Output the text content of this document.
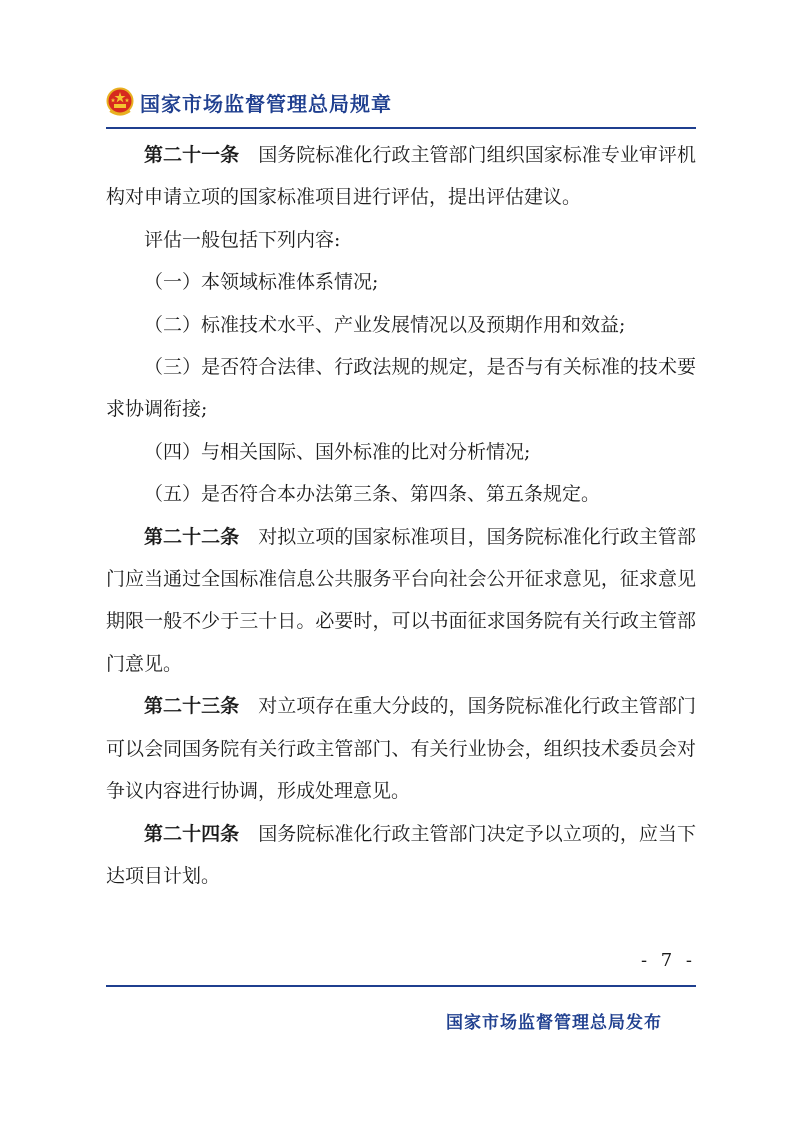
国家市场监督管理总局规章

第二十一条　 国务院标准化行政主管部门组织国家标准专业审评机构对申请立项的国家标准项目进行评估，提出评估建议。

评估一般包括下列内容:

（一）本领域标准体系情况;

（二）标准技术水平、产业发展情况以及预期作用和效益;

（三）是否符合法律、行政法规的规定，是否与有关标准的技术要求协调衔接;

（四）与相关国际、国外标准的比对分析情况;

（五）是否符合本办法第三条、第四条、第五条规定。

第二十二条　 对拟立项的国家标准项目，国务院标准化行政主管部门应当通过全国标准信息公共服务平台向社会公开征求意见，征求意见期限一般不少于三十日。必要时，可以书面征求国务院有关行政主管部门意见。

第二十三条　 对立项存在重大分歧的，国务院标准化行政主管部门可以会同国务院有关行政主管部门、有关行业协会，组织技术委员会对争议内容进行协调，形成处理意见。

第二十四条　 国务院标准化行政主管部门决定予以立项的，应当下达项目计划。

- 7 -
国家市场监督管理总局发布
